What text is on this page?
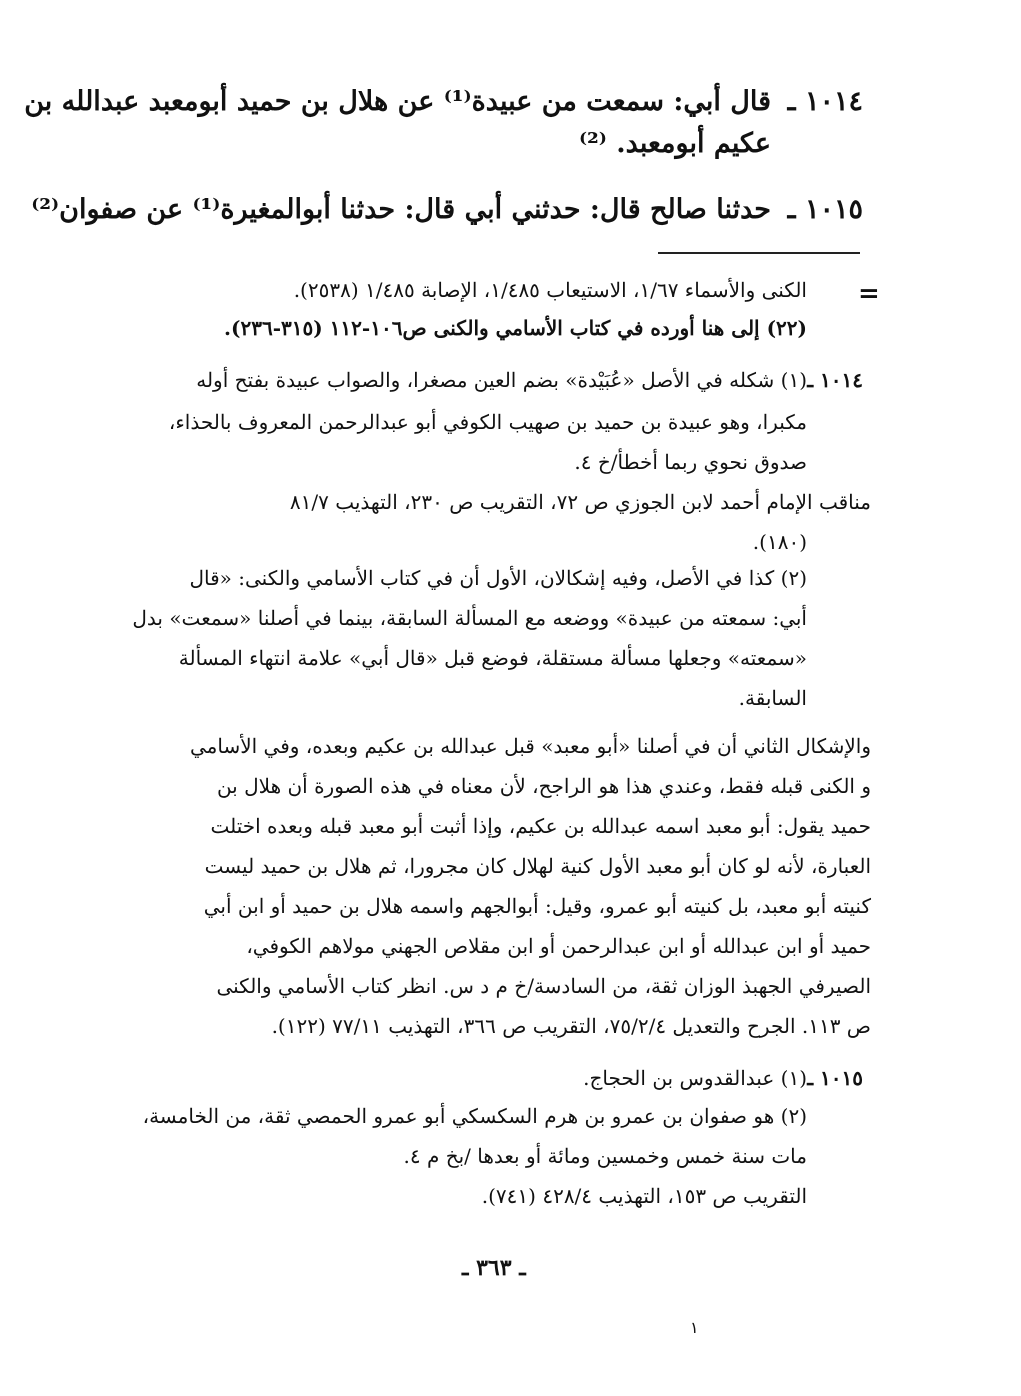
١٠١٤ ـ
قال أبي: سمعت من عبيدة⁽¹⁾ عن هلال بن حميد أبومعبد عبدالله بن
عكيم أبومعبد. ⁽²⁾
١٠١٥ ـ
حدثنا صالح قال: حدثني أبي قال: حدثنا أبوالمغيرة⁽¹⁾ عن صفوان⁽²⁾
=
الكنى والأسماء ١/٦٧، الاستيعاب ١/٤٨٥، الإصابة ١/٤٨٥ (٢٥٣٨).
(٢٢) إلى هنا أورده في كتاب الأسامي والكنى ص١٠٦-١١٢ (٣١٥-٢٣٦).
١٠١٤ ـ
(١) شكله في الأصل «عُبَيْدة» بضم العين مصغرا، والصواب عبيدة بفتح أوله
مكبرا، وهو عبيدة بن حميد بن صهيب الكوفي أبو عبدالرحمن المعروف بالحذاء،
صدوق نحوي ربما أخطأ/خ ٤.
مناقب الإمام أحمد لابن الجوزي ص ٧٢، التقريب ص ٢٣٠، التهذيب ٨١/٧
(١٨٠).
(٢) كذا في الأصل، وفيه إشكالان، الأول أن في كتاب الأسامي والكنى: «قال
أبي: سمعته من عبيدة» ووضعه مع المسألة السابقة، بينما في أصلنا «سمعت» بدل
«سمعته» وجعلها مسألة مستقلة، فوضع قبل «قال أبي» علامة انتهاء المسألة
السابقة.
والإشكال الثاني أن في أصلنا «أبو معبد» قبل عبدالله بن عكيم وبعده، وفي الأسامي
و الكنى قبله فقط، وعندي هذا هو الراجح، لأن معناه في هذه الصورة أن هلال بن
حميد يقول: أبو معبد اسمه عبدالله بن عكيم، وإذا أثبت أبو معبد قبله وبعده اختلت
العبارة، لأنه لو كان أبو معبد الأول كنية لهلال كان مجرورا، ثم هلال بن حميد ليست
كنيته أبو معبد، بل كنيته أبو عمرو، وقيل: أبوالجهم واسمه هلال بن حميد أو ابن أبي
حميد أو ابن عبدالله أو ابن عبدالرحمن أو ابن مقلاص الجهني مولاهم الكوفي،
الصيرفي الجهبذ الوزان ثقة، من السادسة/خ م د س. انظر كتاب الأسامي والكنى
ص ١١٣. الجرح والتعديل ٧٥/٢/٤، التقريب ص ٣٦٦، التهذيب ٧٧/١١ (١٢٢).
١٠١٥ ـ
(١) عبدالقدوس بن الحجاج.
(٢) هو صفوان بن عمرو بن هرم السكسكي أبو عمرو الحمصي ثقة، من الخامسة،
مات سنة خمس وخمسين ومائة أو بعدها /بخ م ٤.
التقريب ص ١٥٣، التهذيب ٤٢٨/٤ (٧٤١).
ـ ٣٦٣ ـ
١
